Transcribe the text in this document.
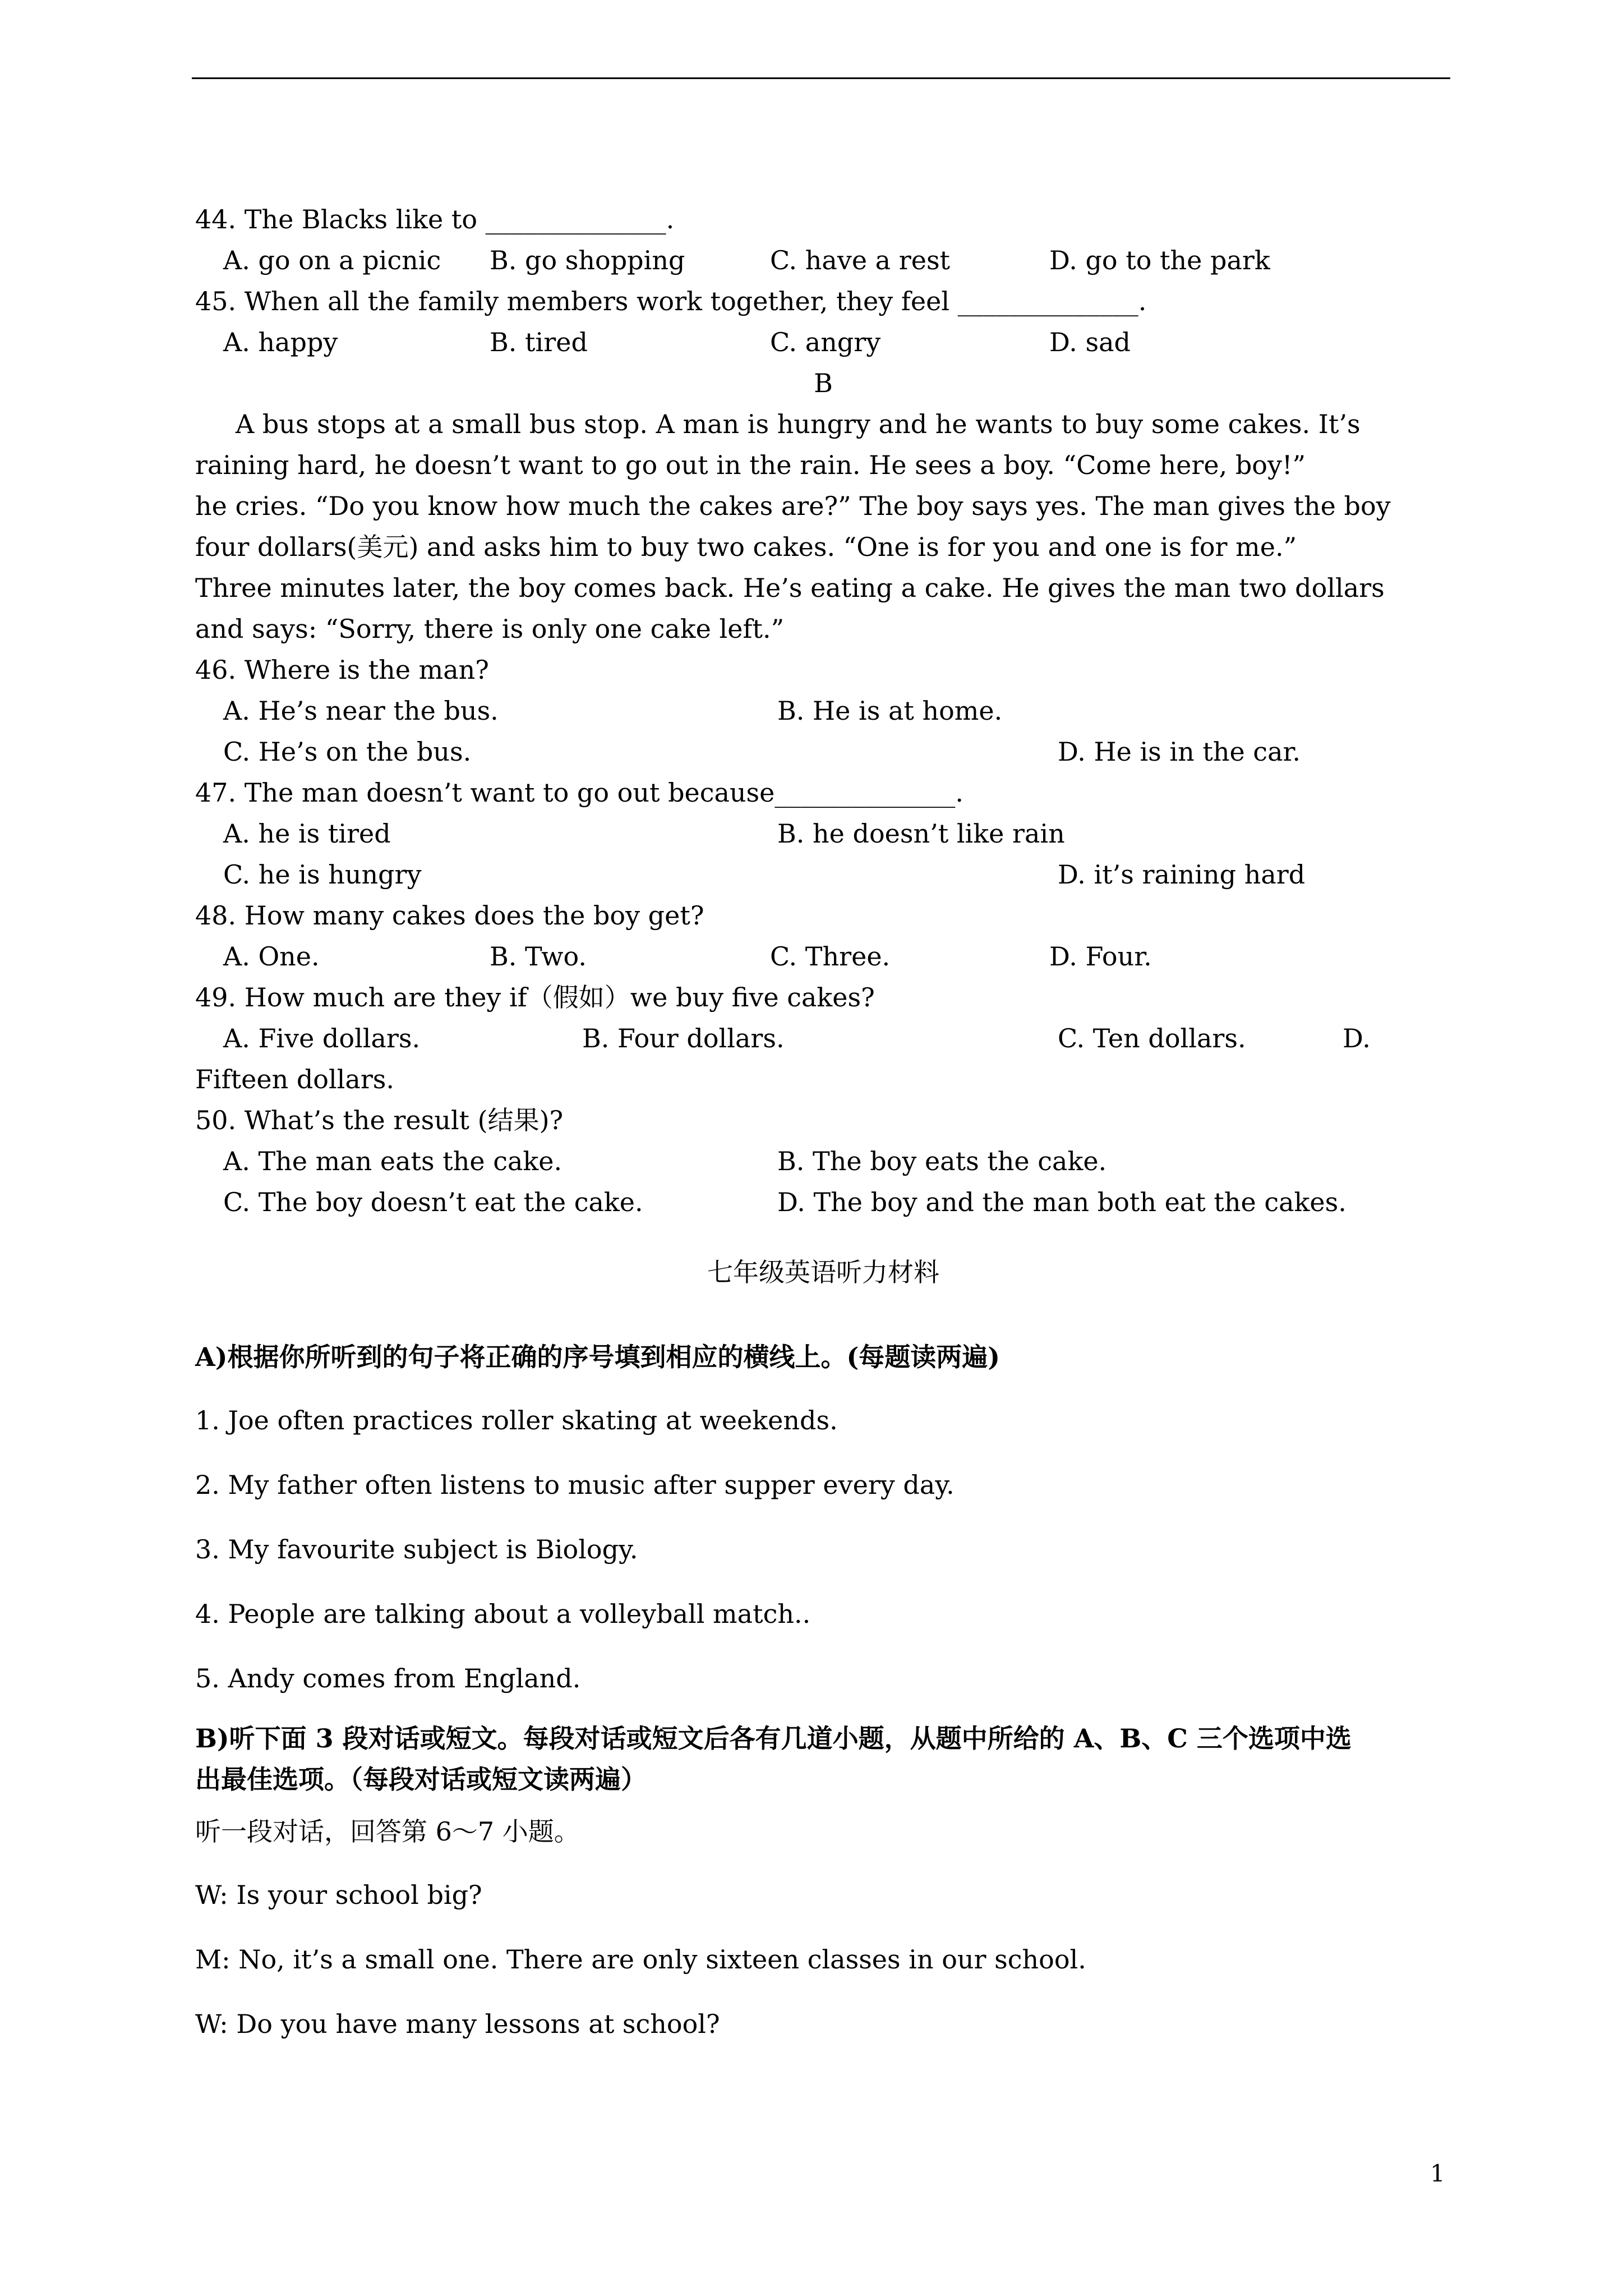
44. The Blacks like to ______________.
A. go on a picnic	B. go shopping	C. have a rest	D. go to the park
45. When all the family members work together, they feel ______________.
A. happy	B. tired	C. angry	D. sad
B
A bus stops at a small bus stop. A man is hungry and he wants to buy some cakes. It’s
raining hard, he doesn’t want to go out in the rain. He sees a boy. “Come here, boy!”
he cries. “Do you know how much the cakes are?” The boy says yes. The man gives the boy
four dollars(美元) and asks him to buy two cakes. “One is for you and one is for me.”
Three minutes later, the boy comes back. He’s eating a cake. He gives the man two dollars
and says: “Sorry, there is only one cake left.”
46. Where is the man?
A. He’s near the bus.	B. He is at home.
C. He’s on the bus.	D. He is in the car.
47. The man doesn’t want to go out because______________.
A. he is tired	B. he doesn’t like rain
C. he is hungry	D. it’s raining hard
48. How many cakes does the boy get?
A. One.	B. Two.	C. Three.	D. Four.
49. How much are they if（假如）we buy five cakes?
A. Five dollars.	B. Four dollars.	C. Ten dollars.	D.
Fifteen dollars.
50. What’s the result (结果)?
A. The man eats the cake.	B. The boy eats the cake.
C. The boy doesn’t eat the cake.	D. The boy and the man both eat the cakes.
七年级英语听力材料
A)根据你所听到的句子将正确的序号填到相应的横线上。(每题读两遍)
1. Joe often practices roller skating at weekends.
2. My father often listens to music after supper every day.
3. My favourite subject is Biology.
4. People are talking about a volleyball match..
5. Andy comes from England.
B)听下面 3 段对话或短文。每段对话或短文后各有几道小题，从题中所给的 A、B、C 三个选项中选
出最佳选项。（每段对话或短文读两遍）
听一段对话，回答第 6～7 小题。
W: Is your school big?
M: No, it’s a small one. There are only sixteen classes in our school.
W: Do you have many lessons at school?
1
